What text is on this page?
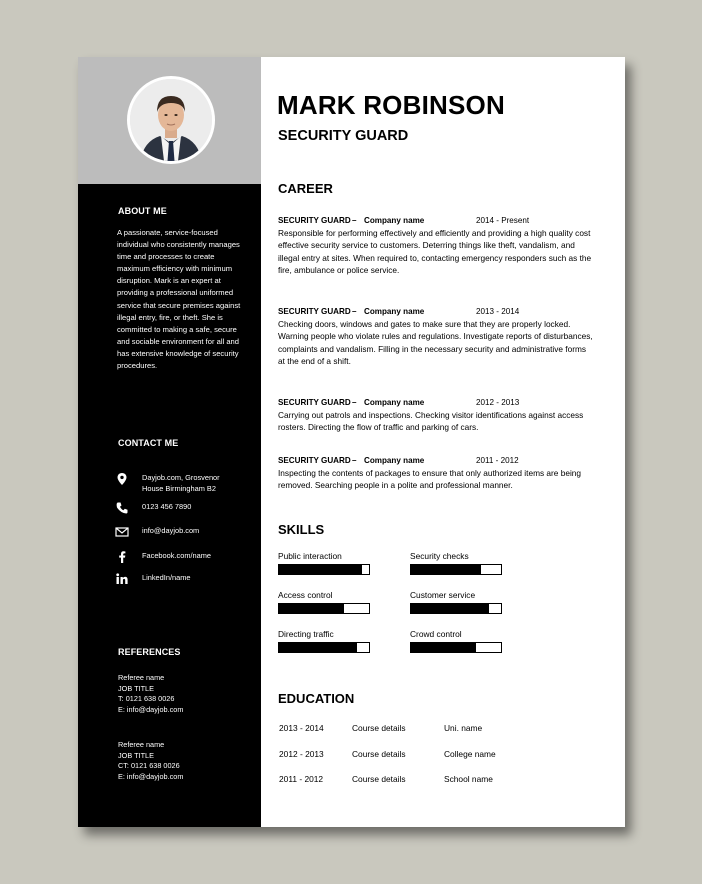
ABOUT ME
A passionate, service-focused individual who consistently manages time and processes to create maximum efficiency with minimum disruption. Mark is an expert at providing a professional uniformed service that secure premises against illegal entry, fire, or theft. She is committed to making a safe, secure and sociable environment for all and has extensive knowledge of security procedures.
CONTACT ME
Dayjob.com, Grosvenor
House Birmingham B2
0123 456 7890
info@dayjob.com
Facebook.com/name
LinkedIn/name
REFERENCES
Referee name
JOB TITLE
T: 0121 638 0026
E: info@dayjob.com
Referee name
JOB TITLE
CT: 0121 638 0026
E: info@dayjob.com
MARK ROBINSON
SECURITY GUARD
CAREER
SECURITY GUARD – Company name	2014 - Present
Responsible for performing effectively and efficiently and providing a high quality cost effective security service to customers. Deterring things like theft, vandalism, and illegal entry at sites. When required to, contacting emergency responders such as the fire, ambulance or police service.
SECURITY GUARD – Company name	2013 - 2014
Checking doors, windows and gates to make sure that they are properly locked. Warning people who violate rules and regulations. Investigate reports of disturbances, complaints and vandalism. Filling in the necessary security and administrative forms at the end of a shift.
SECURITY GUARD – Company name	2012 - 2013
Carrying out patrols and inspections. Checking visitor identifications against access rosters. Directing the flow of traffic and parking of cars.
SECURITY GUARD – Company name	2011 - 2012
Inspecting the contents of packages to ensure that only authorized items are being removed. Searching people in a polite and professional manner.
SKILLS
Public interaction	Security checks
Access control	Customer service
Directing traffic	Crowd control
EDUCATION
2013 - 2014	Course details	Uni. name
2012 - 2013	Course details	College name
2011 - 2012	Course details	School name
